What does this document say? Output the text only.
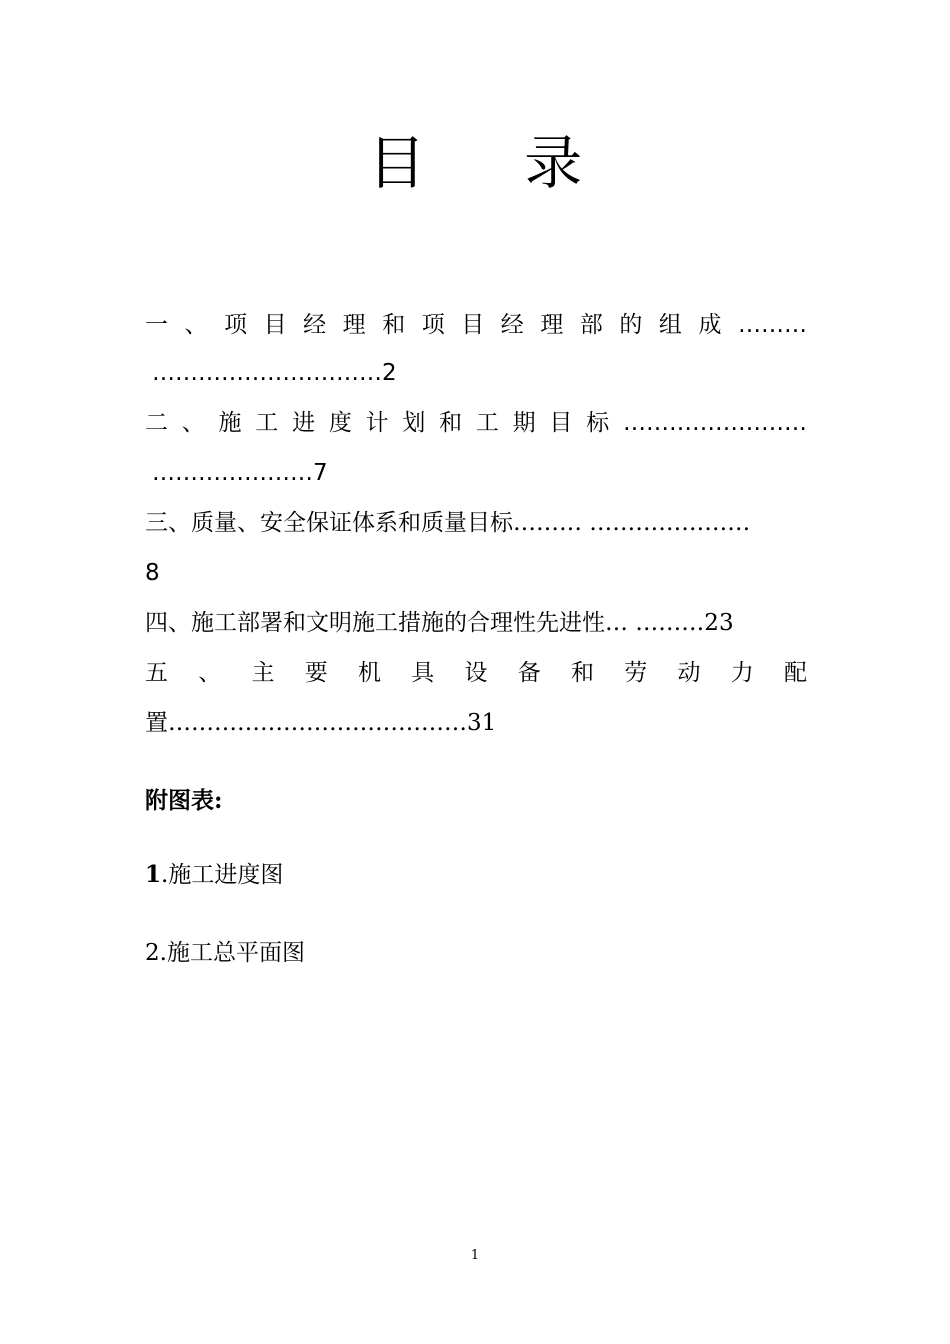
目 录
一 、 项 目 经 理 和 项 目 经 理 部 的 组 成 ………
…………………………2
二 、 施 工 进 度 计 划 和 工 期 目 标 ……………………
…………………7
三、质量、安全保证体系和质量目标……… …………………
8
四、施工部署和文明施工措施的合理性先进性… ………23
五 、 主 要 机 具 设 备 和 劳 动 力 配
置…………………………………31
附图表:
1.施工进度图
2.施工总平面图
1
